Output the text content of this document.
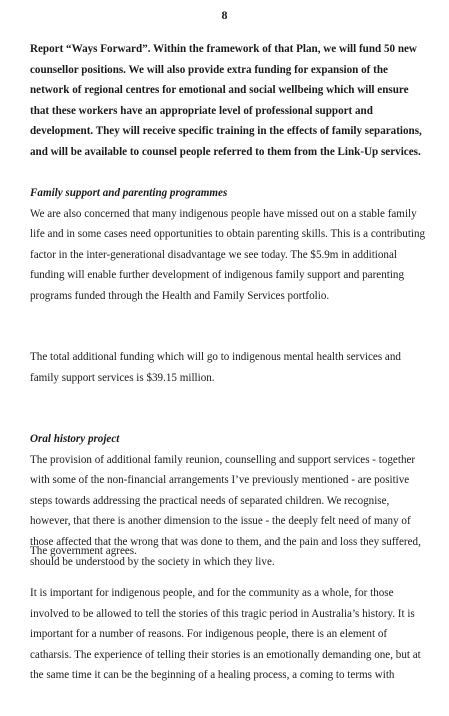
8

Report “Ways Forward”. Within the framework of that Plan, we will fund 50 new counsellor positions. We will also provide extra funding for expansion of the network of regional centres for emotional and social wellbeing which will ensure that these workers have an appropriate level of professional support and development. They will receive specific training in the effects of family separations, and will be available to counsel people referred to them from the Link-Up services.

Family support and parenting programmes

We are also concerned that many indigenous people have missed out on a stable family life and in some cases need opportunities to obtain parenting skills. This is a contributing factor in the inter-generational disadvantage we see today. The $5.9m in additional funding will enable further development of indigenous family support and parenting programs funded through the Health and Family Services portfolio.

The total additional funding which will go to indigenous mental health services and family support services is $39.15 million.

Oral history project

The provision of additional family reunion, counselling and support services - together with some of the non-financial arrangements I’ve previously mentioned - are positive steps towards addressing the practical needs of separated children. We recognise, however, that there is another dimension to the issue - the deeply felt need of many of those affected that the wrong that was done to them, and the pain and loss they suffered, should be understood by the society in which they live.

The government agrees.

It is important for indigenous people, and for the community as a whole, for those involved to be allowed to tell the stories of this tragic period in Australia’s history. It is important for a number of reasons. For indigenous people, there is an element of catharsis. The experience of telling their stories is an emotionally demanding one, but at the same time it can be the beginning of a healing process, a coming to terms with
